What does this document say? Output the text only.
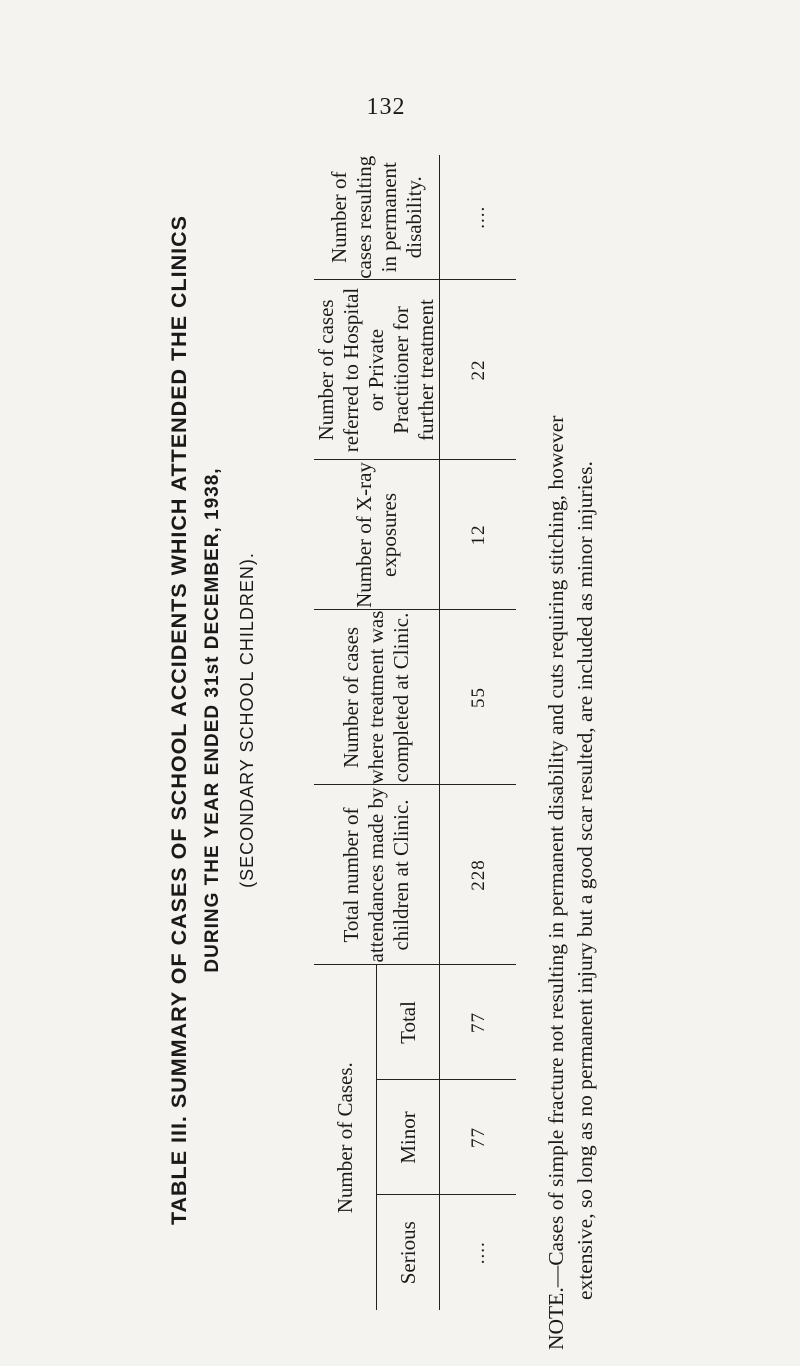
132
TABLE III. SUMMARY OF CASES OF SCHOOL ACCIDENTS WHICH ATTENDED THE CLINICS DURING THE YEAR ENDED 31st DECEMBER, 1938, (SECONDARY SCHOOL CHILDREN).
Number of Cases.			Total number of attendances made by children at Clinic.	Number of cases where treatment was completed at Clinic.	Number of X-ray exposures	Number of cases referred to Hospital or Private Practitioner for further treatment	Number of cases resulting in permanent disability.
Serious	Minor	Total					
....	77	77	228	55	12	22	....
NOTE.—Cases of simple fracture not resulting in permanent disability and cuts requiring stitching, however extensive, so long as no permanent injury but a good scar resulted, are included as minor injuries.
